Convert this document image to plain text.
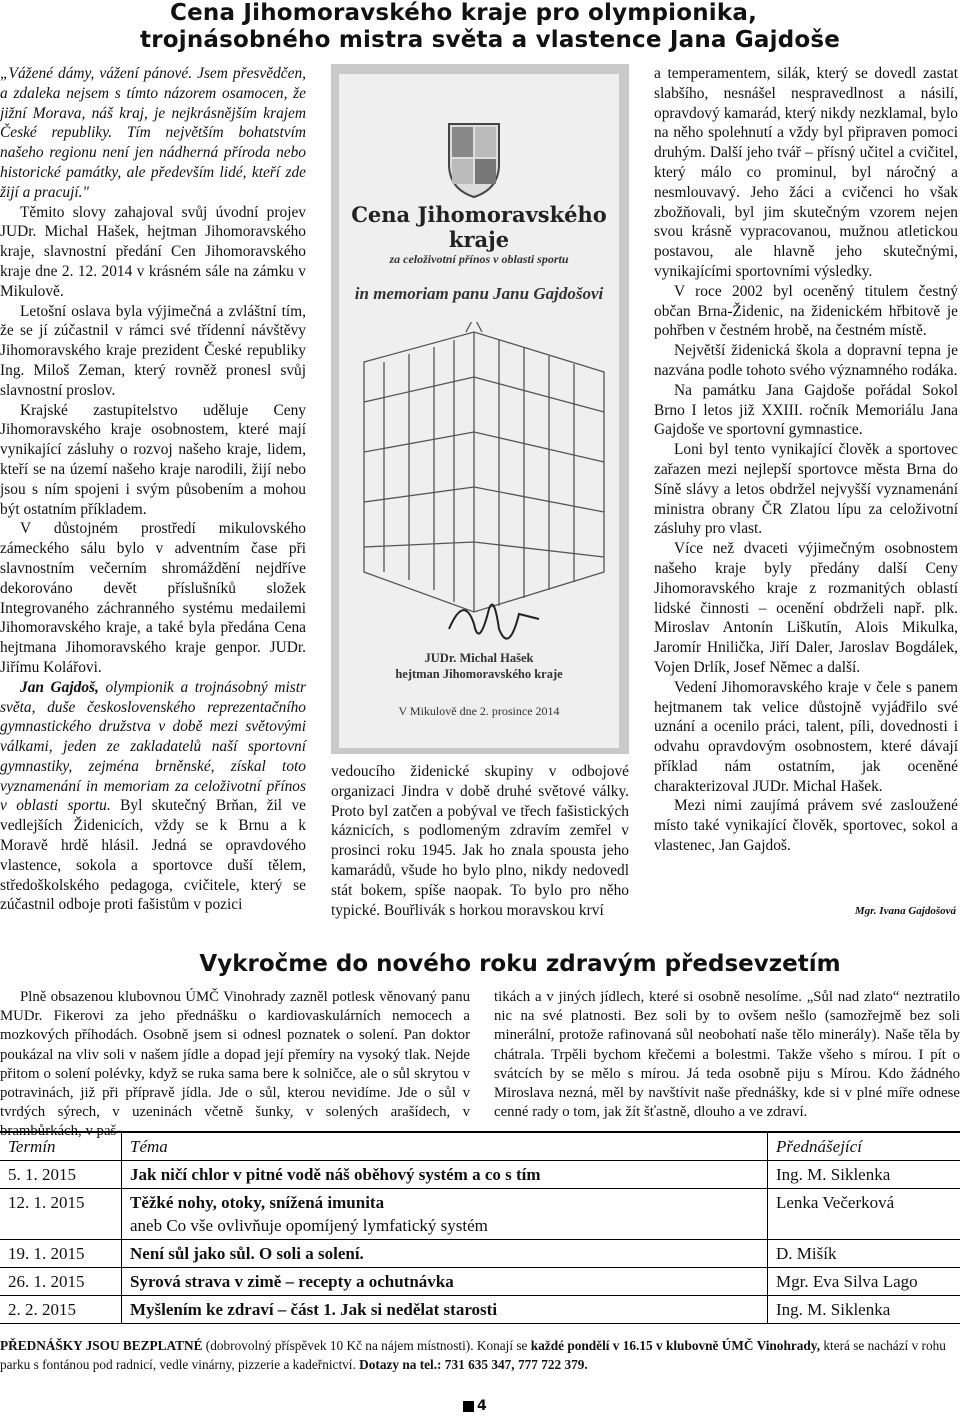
Cena Jihomoravského kraje pro olympionika,
trojnásobného mistra světa a vlastence Jana Gajdoše

„Vážené dámy, vážení pánové. Jsem přesvědčen, a zdaleka nejsem s tímto názorem osamocen, že jižní Morava, náš kraj, je nejkrásnějším krajem České republiky. Tím největším bohatstvím našeho regionu není jen nádherná příroda nebo historické památky, ale především lidé, kteří zde žijí a pracují."

Těmito slovy zahajoval svůj úvodní projev JUDr. Michal Hašek, hejtman Jihomoravského kraje, slavnostní předání Cen Jihomoravského kraje dne 2. 12. 2014 v krásném sále na zámku v Mikulově.

Letošní oslava byla výjimečná a zvláštní tím, že se jí zúčastnil v rámci své třídenní návštěvy Jihomoravského kraje prezident České republiky Ing. Miloš Zeman, který rovněž pronesl svůj slavnostní proslov.

Krajské zastupitelstvo uděluje Ceny Jihomoravského kraje osobnostem, které mají vynikající zásluhy o rozvoj našeho kraje, lidem, kteří se na území našeho kraje narodili, žijí nebo jsou s ním spojeni i svým působením a mohou být ostatním příkladem.

V důstojném prostředí mikulovského zámeckého sálu bylo v adventním čase při slavnostním večerním shromáždění nejdříve dekorováno devět příslušníků složek Integrovaného záchranného systému medailemi Jihomoravského kraje, a také byla předána Cena hejtmana Jihomoravského kraje genpor. JUDr. Jiřímu Kolářovi.

Jan Gajdoš, olympionik a trojnásobný mistr světa, duše československého reprezentačního gymnastického družstva v době mezi světovými válkami, jeden ze zakladatelů naší sportovní gymnastiky, zejména brněnské, získal toto vyznamenání in memoriam za celoživotní přínos v oblasti sportu. Byl skutečný Brňan, žil ve vedlejších Židenicích, vždy se k Brnu a k Moravě hrdě hlásil. Jedná se opravdového vlastence, sokola a sportovce duší tělem, středoškolského pedagoga, cvičitele, který se zúčastnil odboje proti fašistům v pozici

Cena Jihomoravského kraje
za celoživotní přínos v oblasti sportu
in memoriam panu Janu Gajdošovi
JUDr. Michal Hašek
hejtman Jihomoravského kraje
V Mikulově dne 2. prosince 2014

vedoucího židenické skupiny v odbojové organizaci Jindra v době druhé světové války. Proto byl zatčen a pobýval ve třech fašistických káznicích, s podlomeným zdravím zemřel v prosinci roku 1945. Jak ho znala spousta jeho kamarádů, všude ho bylo plno, nikdy nedovedl stát bokem, spíše naopak. To bylo pro něho typické. Bouřlivák s horkou moravskou krví

a temperamentem, silák, který se dovedl zastat slabšího, nesnášel nespravedlnost a násilí, opravdový kamarád, který nikdy nezklamal, bylo na něho spolehnutí a vždy byl připraven pomoci druhým. Další jeho tvář – přísný učitel a cvičitel, který málo co prominul, byl náročný a nesmlouvavý. Jeho žáci a cvičenci ho však zbožňovali, byl jim skutečným vzorem nejen svou krásně vypracovanou, mužnou atletickou postavou, ale hlavně jeho skutečnými, vynikajícími sportovními výsledky.

V roce 2002 byl oceněný titulem čestný občan Brna-Židenic, na židenickém hřbitově je pohřben v čestném hrobě, na čestném místě.

Největší židenická škola a dopravní tepna je nazvána podle tohoto svého významného rodáka.

Na památku Jana Gajdoše pořádal Sokol Brno I letos již XXIII. ročník Memoriálu Jana Gajdoše ve sportovní gymnastice.

Loni byl tento vynikající člověk a sportovec zařazen mezi nejlepší sportovce města Brna do Síně slávy a letos obdržel nejvyšší vyznamenání ministra obrany ČR Zlatou lípu za celoživotní zásluhy pro vlast.

Více než dvaceti výjimečným osobnostem našeho kraje byly předány další Ceny Jihomoravského kraje z rozmanitých oblastí lidské činnosti – ocenění obdrželi např. plk. Miroslav Antonín Liškutín, Alois Mikulka, Jaromír Hnilička, Jiří Daler, Jaroslav Bogdálek, Vojen Drlík, Josef Němec a další.

Vedení Jihomoravského kraje v čele s panem hejtmanem tak velice důstojně vyjádřilo své uznání a ocenilo práci, talent, píli, dovednosti i odvahu opravdovým osobnostem, které dávají příklad nám ostatním, jak oceněné charakterizoval JUDr. Michal Hašek.

Mezi nimi zaujímá právem své zasloužené místo také vynikající člověk, sportovec, sokol a vlastenec, Jan Gajdoš.

Mgr. Ivana Gajdošová
Vykročme do nového roku zdravým předsevzetím
Plně obsazenou klubovnou ÚMČ Vinohrady zazněl potlesk věnovaný panu MUDr. Fikerovi za jeho přednášku o kardiovaskulárních nemocech a mozkových příhodách. Osobně jsem si odnesl poznatek o solení. Pan doktor poukázal na vliv soli v našem jídle a dopad její přemíry na vysoký tlak. Nejde přitom o solení polévky, když se ruka sama bere k solničce, ale o sůl skrytou v potravinách, již při přípravě jídla. Jde o sůl, kterou nevidíme. Jde o sůl v tvrdých sýrech, v uzeninách včetně šunky, v solených arašídech, v brambůrkách, v paš-
tikách a v jiných jídlech, které si osobně nesolíme. „Sůl nad zlato“ neztratilo nic na své platnosti. Bez soli by to ovšem nešlo (samozřejmě bez soli minerální, protože rafinovaná sůl neobohatí naše tělo minerály). Naše těla by chátrala. Trpěli bychom křečemi a bolestmi. Takže všeho s mírou. I pít o svátcích by se mělo s mírou. Já teda osobně piju s Mírou. Kdo žádného Miroslava nezná, měl by navštívit naše přednášky, kde si v plné míře odnese cenné rady o tom, jak žít šťastně, dlouho a ve zdraví.
Termín	Téma	Přednášející
5. 1. 2015	Jak ničí chlor v pitné vodě náš oběhový systém a co s tím	Ing. M. Siklenka
12. 1. 2015	Těžké nohy, otoky, snížená imunita
aneb Co vše ovlivňuje opomíjený lymfatický systém	Lenka Večerková
19. 1. 2015	Není sůl jako sůl. O soli a solení.	D. Mišík
26. 1. 2015	Syrová strava v zimě – recepty a ochutnávka	Mgr. Eva Silva Lago
2. 2. 2015	Myšlením ke zdraví – část 1. Jak si nedělat starosti	Ing. M. Siklenka
PŘEDNÁŠKY JSOU BEZPLATNÉ (dobrovolný příspěvek 10 Kč na nájem místnosti). Konají se každé pondělí v 16.15 v klubovně ÚMČ Vinohrady, která se nachází v rohu parku s fontánou pod radnicí, vedle vinárny, pizzerie a kadeřnictví. Dotazy na tel.: 731 635 347, 777 722 379.
4
